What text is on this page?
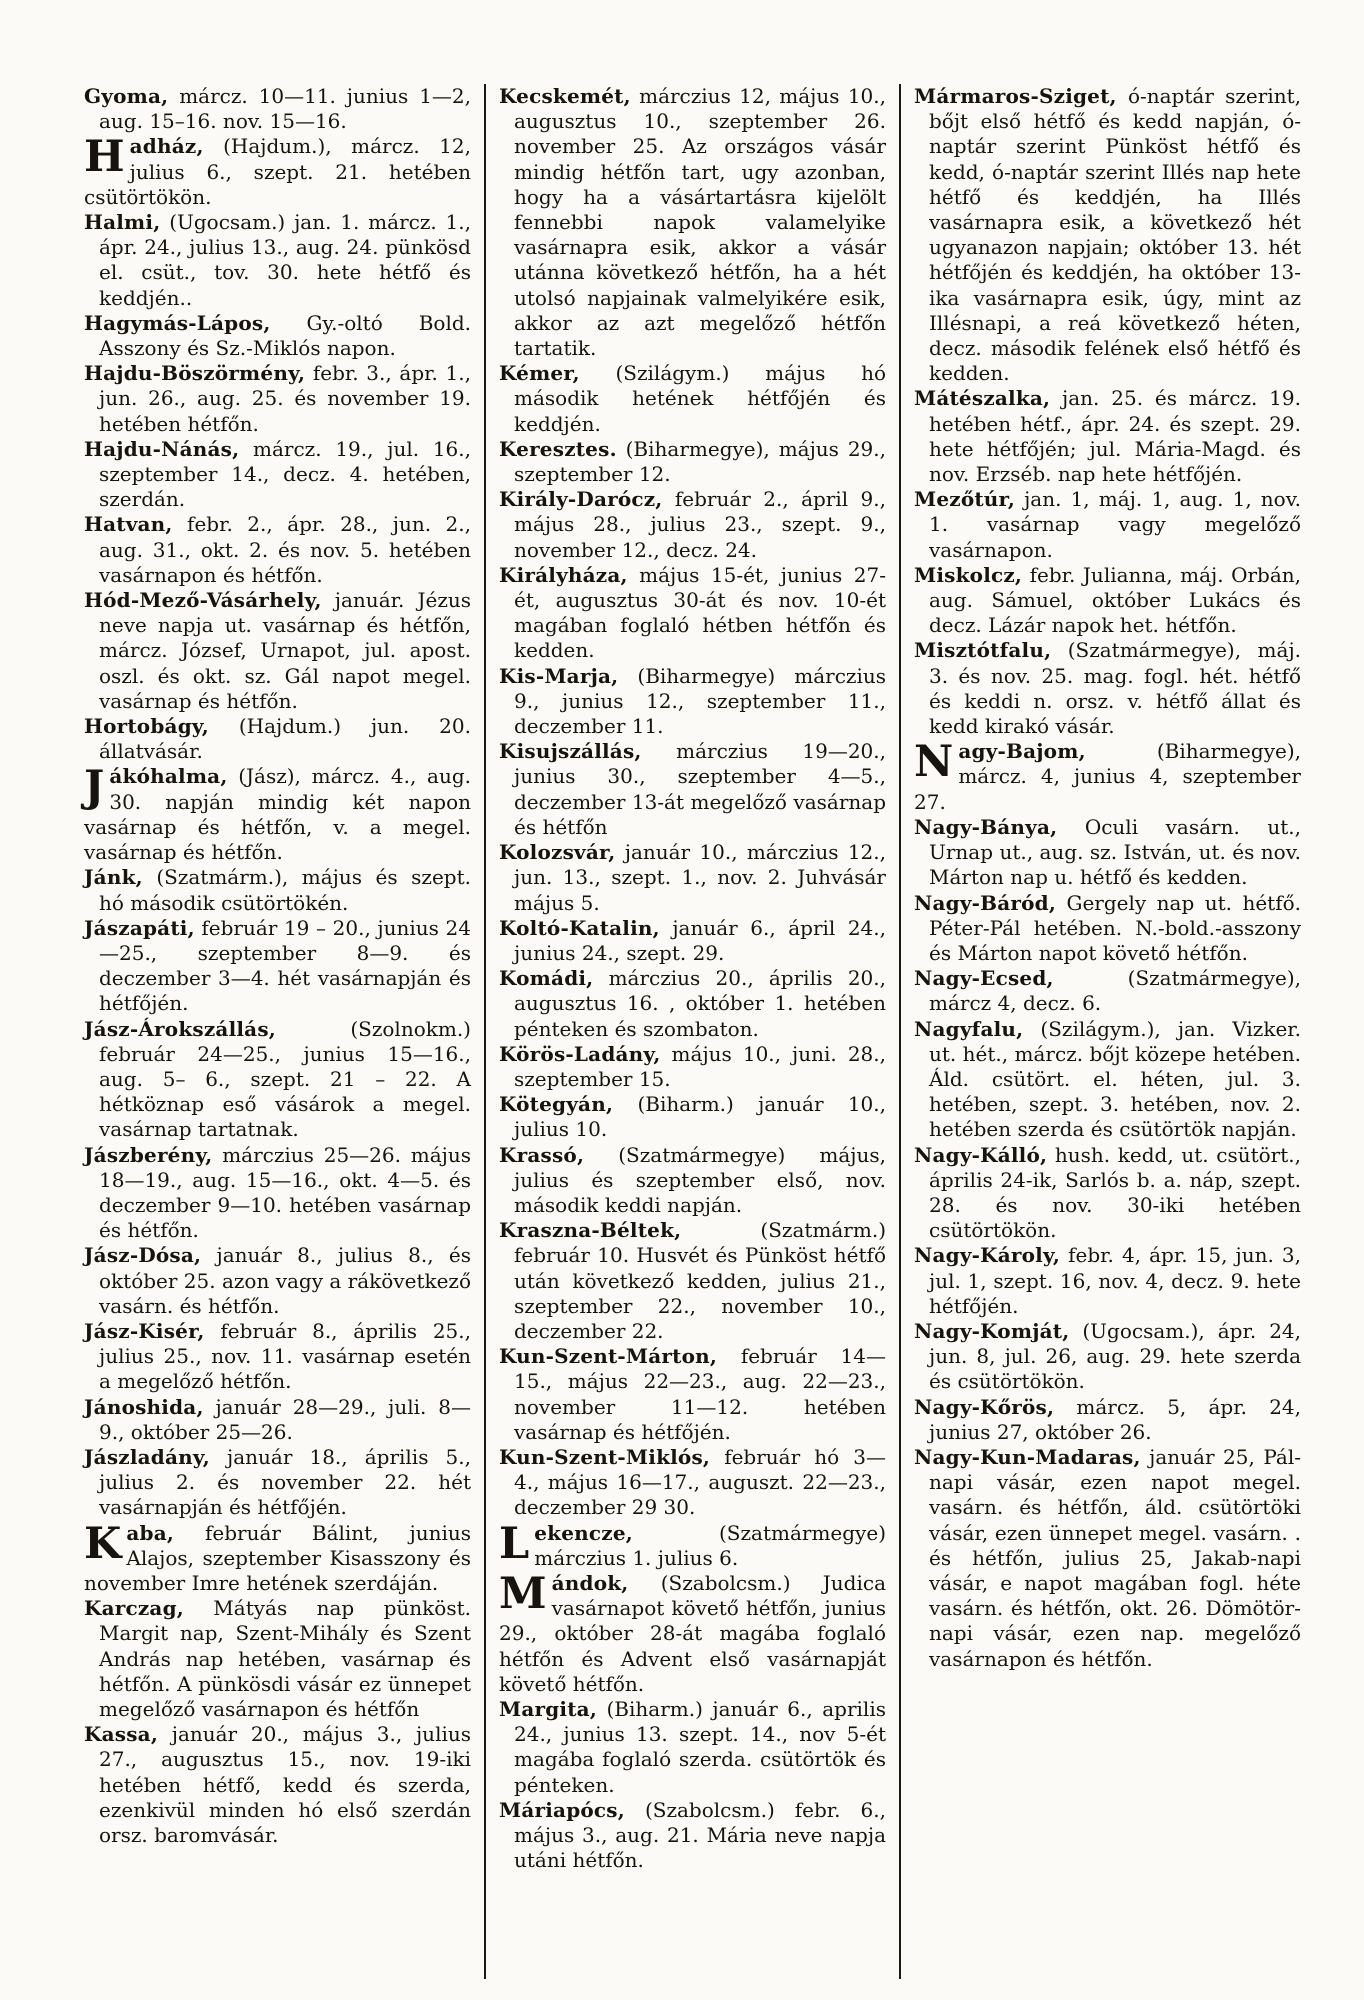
Gyoma, márcz. 10—11. junius 1—2, aug. 15–16. nov. 15—16.

Hadház, (Hajdum.), márcz. 12, julius 6., szept. 21. hetében csütörtökön.

Halmi, (Ugocsam.) jan. 1. márcz. 1., ápr. 24., julius 13., aug. 24. pünkösd el. csüt., tov. 30. hete hétfő és keddjén..

Hagymás-Lápos, Gy.-oltó Bold. Asszony és Sz.-Miklós napon.

Hajdu-Böszörmény, febr. 3., ápr. 1., jun. 26., aug. 25. és november 19. hetében hétfőn.

Hajdu-Nánás, márcz. 19., jul. 16., szeptember 14., decz. 4. hetében, szerdán.

Hatvan, febr. 2., ápr. 28., jun. 2., aug. 31., okt. 2. és nov. 5. hetében vasárnapon és hétfőn.

Hód-Mező-Vásárhely, január. Jézus neve napja ut. vasárnap és hétfőn, márcz. József, Urnapot, jul. apost. oszl. és okt. sz. Gál napot megel. vasárnap és hétfőn.

Hortobágy, (Hajdum.) jun. 20. állatvásár.

Jákóhalma, (Jász), márcz. 4., aug. 30. napján mindig két napon vasárnap és hétfőn, v. a megel. vasárnap és hétfőn.

Jánk, (Szatmárm.), május és szept. hó második csütörtökén.

Jászapáti, február 19 – 20., junius 24—25., szeptember 8—9. és deczember 3—4. hét vasárnapján és hétfőjén.

Jász-Árokszállás, (Szolnokm.) február 24—25., junius 15—16., aug. 5– 6., szept. 21 – 22. A hétköznap eső vásárok a megel. vasárnap tartatnak.

Jászberény, márczius 25—26. május 18—19., aug. 15—16., okt. 4—5. és deczember 9—10. hetében vasárnap és hétfőn.

Jász-Dósa, január 8., julius 8., és október 25. azon vagy a rákövetkező vasárn. és hétfőn.

Jász-Kisér, február 8., április 25., julius 25., nov. 11. vasárnap esetén a megelőző hétfőn.

Jánoshida, január 28—29., juli. 8—9., október 25—26.

Jászladány, január 18., április 5., julius 2. és november 22. hét vasárnapján és hétfőjén.

Kaba, február Bálint, junius Alajos, szeptember Kisasszony és november Imre hetének szerdáján.

Karczag, Mátyás nap pünköst. Margit nap, Szent-Mihály és Szent András nap hetében, vasárnap és hétfőn. A pünkösdi vásár ez ünnepet megelőző vasárnapon és hétfőn

Kassa, január 20., május 3., julius 27., augusztus 15., nov. 19-iki hetében hétfő, kedd és szerda, ezenkivül minden hó első szerdán orsz. baromvásár.

Kecskemét, márczius 12, május 10., augusztus 10., szeptember 26. november 25. Az országos vásár mindig hétfőn tart, ugy azonban, hogy ha a vásártartásra kijelölt fennebbi napok valamelyike vasárnapra esik, akkor a vásár utánna következő hétfőn, ha a hét utolsó napjainak valmelyikére esik, akkor az azt megelőző hétfőn tartatik.

Kémer, (Szilágym.) május hó második hetének hétfőjén és keddjén.

Keresztes. (Biharmegye), május 29., szeptember 12.

Király-Darócz, február 2., ápril 9., május 28., julius 23., szept. 9., november 12., decz. 24.

Királyháza, május 15-ét, junius 27-ét, augusztus 30-át és nov. 10-ét magában foglaló hétben hétfőn és kedden.

Kis-Marja, (Biharmegye) márczius 9., junius 12., szeptember 11., deczember 11.

Kisujszállás, márczius 19—20., junius 30., szeptember 4—5., deczember 13-át megelőző vasárnap és hétfőn

Kolozsvár, január 10., márczius 12., jun. 13., szept. 1., nov. 2. Juhvásár május 5.

Koltó-Katalin, január 6., ápril 24., junius 24., szept. 29.

Komádi, márczius 20., április 20., augusztus 16. , október 1. hetében pénteken és szombaton.

Körös-Ladány, május 10., juni. 28., szeptember 15.

Kötegyán, (Biharm.) január 10., julius 10.

Krassó, (Szatmármegye) május, julius és szeptember első, nov. második keddi napján.

Kraszna-Béltek, (Szatmárm.) február 10. Husvét és Pünköst hétfő után következő kedden, julius 21., szeptember 22., november 10., deczember 22.

Kun-Szent-Márton, február 14—15., május 22—23., aug. 22—23., november 11—12. hetében vasárnap és hétfőjén.

Kun-Szent-Miklós, február hó 3—4., május 16—17., auguszt. 22—23., deczember 29 30.

Lekencze, (Szatmármegye) márczius 1. julius 6.

Mándok, (Szabolcsm.) Judica vasárnapot követő hétfőn, junius 29., október 28-át magába foglaló hétfőn és Advent első vasárnapját követő hétfőn.

Margita, (Biharm.) január 6., aprilis 24., junius 13. szept. 14., nov 5-ét magába foglaló szerda. csütörtök és pénteken.

Máriapócs, (Szabolcsm.) febr. 6., május 3., aug. 21. Mária neve napja utáni hétfőn.

Mármaros-Sziget, ó-naptár szerint, bőjt első hétfő és kedd napján, ó-naptár szerint Pünköst hétfő és kedd, ó-naptár szerint Illés nap hete hétfő és keddjén, ha Illés vasárnapra esik, a következő hét ugyanazon napjain; október 13. hét hétfőjén és keddjén, ha október 13-ika vasárnapra esik, úgy, mint az Illésnapi, a reá következő héten, decz. második felének első hétfő és kedden.

Mátészalka, jan. 25. és márcz. 19. hetében hétf., ápr. 24. és szept. 29. hete hétfőjén; jul. Mária-Magd. és nov. Erzséb. nap hete hétfőjén.

Mezőtúr, jan. 1, máj. 1, aug. 1, nov. 1. vasárnap vagy megelőző vasárnapon.

Miskolcz, febr. Julianna, máj. Orbán, aug. Sámuel, október Lukács és decz. Lázár napok het. hétfőn.

Misztótfalu, (Szatmármegye), máj. 3. és nov. 25. mag. fogl. hét. hétfő és keddi n. orsz. v. hétfő állat és kedd kirakó vásár.

Nagy-Bajom, (Biharmegye), márcz. 4, junius 4, szeptember 27.

Nagy-Bánya, Oculi vasárn. ut., Urnap ut., aug. sz. István, ut. és nov. Márton nap u. hétfő és kedden.

Nagy-Báród, Gergely nap ut. hétfő. Péter-Pál hetében. N.-bold.-asszony és Márton napot követő hétfőn.

Nagy-Ecsed, (Szatmármegye), márcz 4, decz. 6.

Nagyfalu, (Szilágym.), jan. Vizker. ut. hét., márcz. bőjt közepe hetében. Áld. csütört. el. héten, jul. 3. hetében, szept. 3. hetében, nov. 2. hetében szerda és csütörtök napján.

Nagy-Kálló, hush. kedd, ut. csütört., április 24-ik, Sarlós b. a. náp, szept. 28. és nov. 30-iki hetében csütörtökön.

Nagy-Károly, febr. 4, ápr. 15, jun. 3, jul. 1, szept. 16, nov. 4, decz. 9. hete hétfőjén.

Nagy-Komját, (Ugocsam.), ápr. 24, jun. 8, jul. 26, aug. 29. hete szerda és csütörtökön.

Nagy-Kőrös, márcz. 5, ápr. 24, junius 27, október 26.

Nagy-Kun-Madaras, január 25, Pál-napi vásár, ezen napot megel. vasárn. és hétfőn, áld. csütörtöki vásár, ezen ünnepet megel. vasárn. . és hétfőn, julius 25, Jakab-napi vásár, e napot magában fogl. héte vasárn. és hétfőn, okt. 26. Dömötör-napi vásár, ezen nap. megelőző vasárnapon és hétfőn.
